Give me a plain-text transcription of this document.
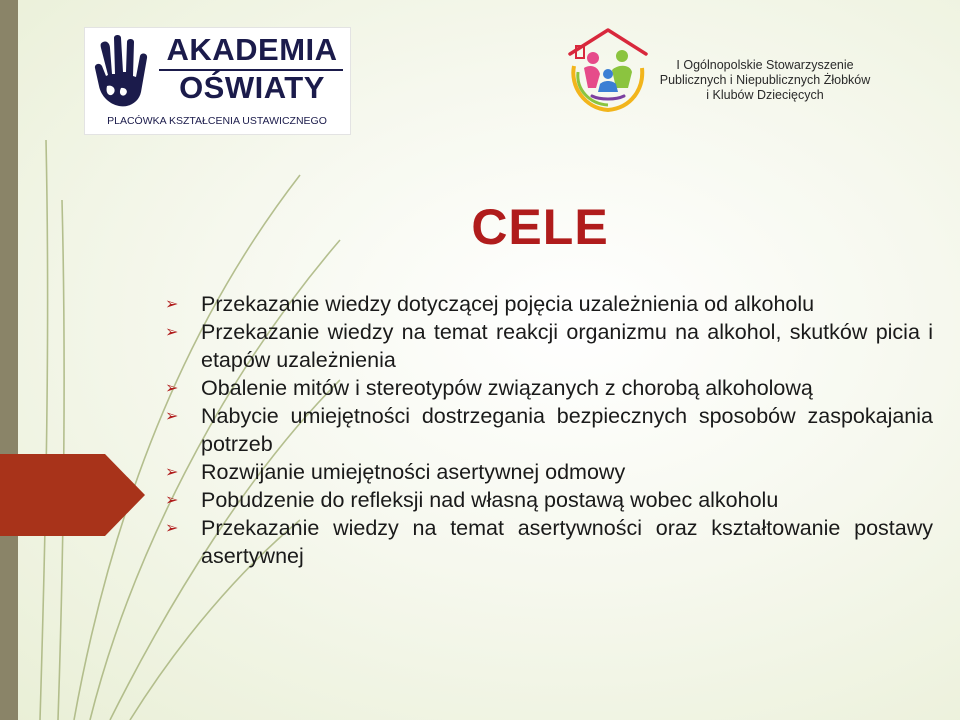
AKADEMIA
OŚWIATY
PLACÓWKA KSZTAŁCENIA USTAWICZNEGO
I Ogólnopolskie Stowarzyszenie
Publicznych i Niepublicznych Żłobków
i Klubów Dziecięcych
CELE
➢ Przekazanie wiedzy dotyczącej pojęcia uzależnienia od alkoholu
➢ Przekazanie wiedzy na temat reakcji organizmu na alkohol, skutków picia i etapów uzależnienia
➢ Obalenie mitów i stereotypów związanych z chorobą alkoholową
➢ Nabycie umiejętności dostrzegania bezpiecznych sposobów zaspokajania potrzeb
➢ Rozwijanie umiejętności asertywnej odmowy
➢ Pobudzenie do refleksji nad własną postawą wobec alkoholu
➢ Przekazanie wiedzy na temat asertywności oraz kształtowanie postawy asertywnej
